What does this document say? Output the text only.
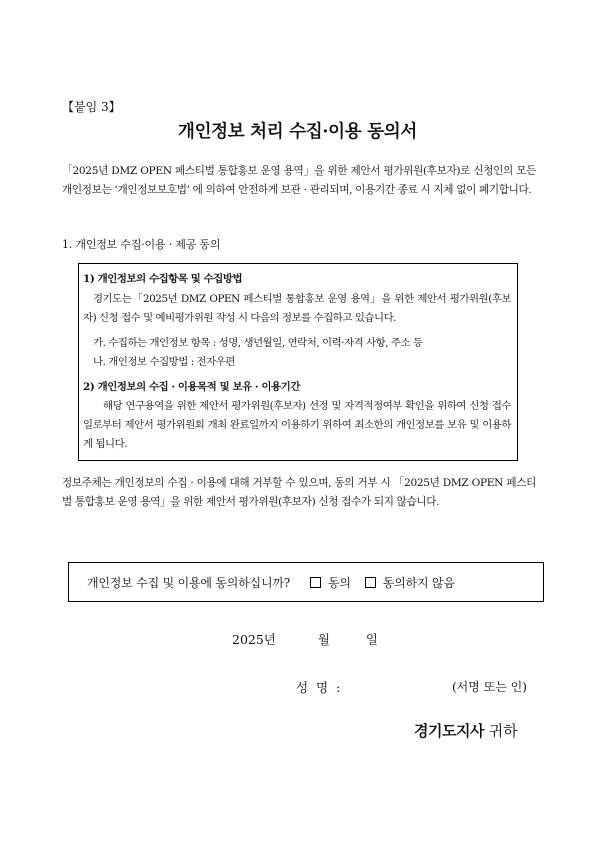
【붙임 3】
개인정보 처리 수집·이용 동의서
「2025년 DMZ OPEN 페스티벌 통합홍보 운영 용역」을 위한 제안서 평가위원(후보자)로 신청인의 모든 개인정보는 ‘개인정보보호법’ 에 의하여 안전하게 보관 · 관리되며, 이용기간 종료 시 지체 없이 폐기합니다.
1. 개인정보 수집·이용 · 제공 동의
1) 개인정보의 수집항목 및 수집방법
경기도는「2025년 DMZ OPEN 페스티벌 통합홍보 운영 용역」을 위한 제안서 평가위원(후보자) 신청 접수 및 예비평가위원 작성 시 다음의 정보를 수집하고 있습니다.
가. 수집하는 개인정보 항목 : 성명, 생년월일, 연락처, 이력·자격 사항, 주소 등
나. 개인정보 수집방법 : 전자우편
2) 개인정보의 수집 · 이용목적 및 보유 · 이용기간
해당 연구용역을 위한 제안서 평가위원(후보자) 선정 및 자격적정여부 확인을 위하여 신청 접수일로부터 제안서 평가위원회 개최 완료일까지 이용하기 위하여 최소한의 개인정보를 보유 및 이용하게 됩니다.
정보주체는 개인정보의 수집 · 이용에 대해 거부할 수 있으며, 동의 거부 시 「2025년 DMZ OPEN 페스티벌 통합홍보 운영 용역」을 위한 제안서 평가위원(후보자) 신청 접수가 되지 않습니다.
개인정보 수집 및 이용에 동의하십니까?	동의	동의하지 않음
2025년	월	일
성 명 :	(서명 또는 인)
경기도지사 귀하
